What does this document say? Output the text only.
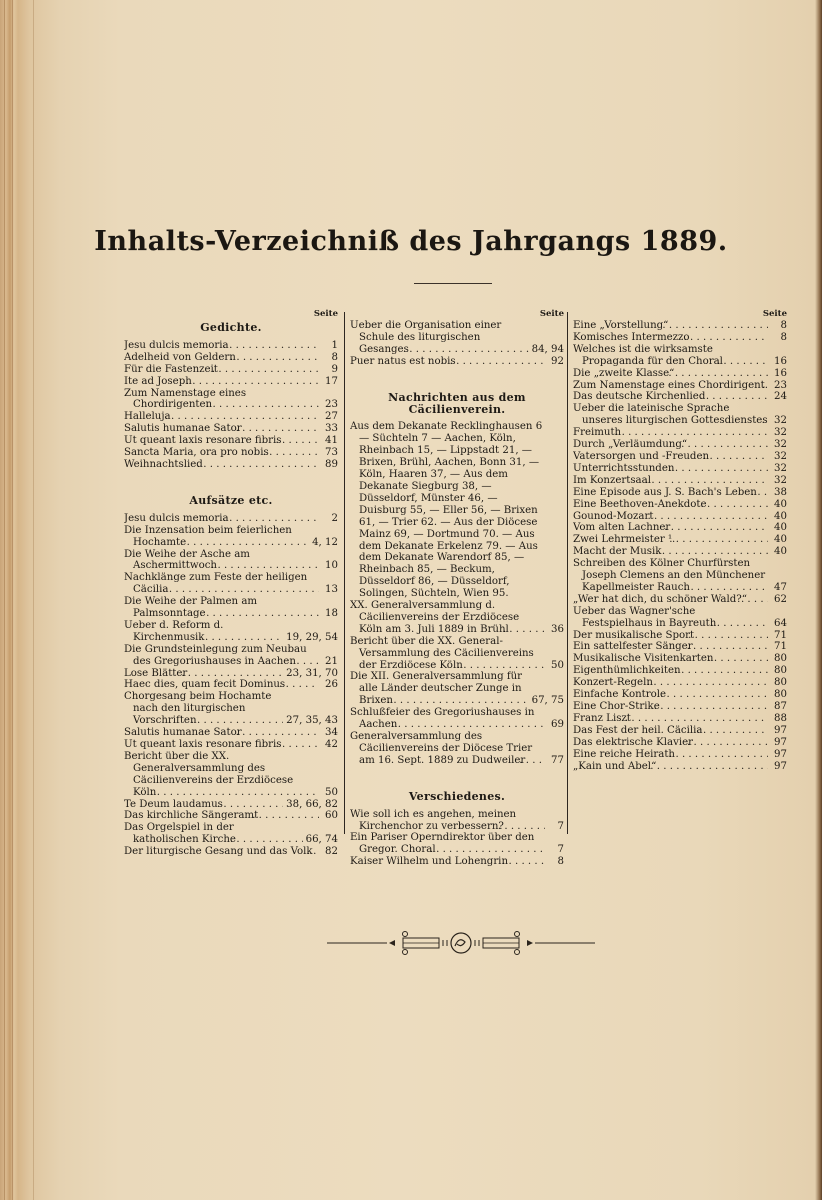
Inhalts-Verzeichniß des Jahrgangs 1889.
Seite
Gedichte.
Jesu dulcis memoria . . .	1
Adelheid von Geldern . . .	8
Für die Fastenzeit . . .	9
Ite ad Joseph . . .	17
Zum Namenstage eines Chordirigenten . . .	23
Halleluja . . .	27
Salutis humanae Sator . . .	33
Ut queant laxis resonare fibris . . .	41
Sancta Maria, ora pro nobis . . .	73
Weihnachtslied . . .	89
Aufsätze etc.
Jesu dulcis memoria . . .	2
Die Inzensation beim feierlichen Hochamte . . .	4, 12
Die Weihe der Asche am Aschermittwoch . . .	10
Nachklänge zum Feste der heiligen Cäcilia . . .	13
Die Weihe der Palmen am Palmsonntage . . .	18
Ueber d. Reform d. Kirchenmusik . . .	19, 29, 54
Die Grundsteinlegung zum Neubau des Gregoriushauses in Aachen . . .	21
Lose Blätter . . .	23, 31, 70
Haec dies, quam fecit Dominus . . .	26
Chorgesang beim Hochamte nach den liturgischen Vorschriften . . .	27, 35, 43
Salutis humanae Sator . . .	34
Ut queant laxis resonare fibris . . .	42
Bericht über die XX. Generalversammlung des Cäcilienvereins der Erzdiöcese Köln . . .	50
Te Deum laudamus . . .	38, 66, 82
Das kirchliche Sängeramt . . .	60
Das Orgelspiel in der katholischen Kirche . . .	66, 74
Der liturgische Gesang und das Volk . . .	82
Seite
Ueber die Organisation einer Schule des liturgischen Gesanges . . .	84, 94
Puer natus est nobis . . .	92
Nachrichten aus dem Cäcilienverein.
Aus dem Dekanate Recklinghausen 6 — Süchteln 7 — Aachen, Köln, Rheinbach 15, — Lippstadt 21, — Brixen, Brühl, Aachen, Bonn 31, — Köln, Haaren 37, — Aus dem Dekanate Siegburg 38, — Düsseldorf, Münster 46, — Duisburg 55, — Eller 56, — Brixen 61, — Trier 62. — Aus der Diöcese Mainz 69, — Dortmund 70. — Aus dem Dekanate Erkelenz 79. — Aus dem Dekanate Warendorf 85, — Rheinbach 85, — Beckum, Düsseldorf 86, — Düsseldorf, Solingen, Süchteln, Wien 95.
XX. Generalversammlung d. Cäcilienvereins der Erzdiöcese Köln am 3. Juli 1889 in Brühl . . .	36
Bericht über die XX. General-Versammlung des Cäcilienvereins der Erzdiöcese Köln . . .	50
Die XII. Generalversammlung für alle Länder deutscher Zunge in Brixen . . .	67, 75
Schlußfeier des Gregoriushauses in Aachen . . .	69
Generalversammlung des Cäcilienvereins der Diöcese Trier am 16. Sept. 1889 zu Dudweiler . . .	77
Verschiedenes.
Wie soll ich es angehen, meinen Kirchenchor zu verbessern? . . .	7
Ein Pariser Operndirektor über den Gregor. Choral . . .	7
Kaiser Wilhelm und Lohengrin . . .	8
Seite
Eine „Vorstellung“ . . .	8
Komisches Intermezzo . . .	8
Welches ist die wirksamste Propaganda für den Choral . . .	16
Die „zweite Klasse“ . . .	16
Zum Namenstage eines Chordirigent. . . . 23
Das deutsche Kirchenlied . . .	24
Ueber die lateinische Sprache unseres liturgischen Gottesdienstes . . . 32
Freimuth . . .	32
Durch „Verläumdung“ . . .	32
Vatersorgen und -Freuden . . .	32
Unterrichtsstunden . . .	32
Im Konzertsaal . . .	32
Eine Episode aus J. S. Bach's Leben . . .	38
Eine Beethoven-Anekdote . . .	40
Gounod-Mozart . . .	40
Vom alten Lachner . . .	40
Zwei Lehrmeister ¹. . . .	40
Macht der Musik . . .	40
Schreiben des Kölner Churfürsten Joseph Clemens an den Münchener Kapellmeister Rauch . . .	47
„Wer hat dich, du schöner Wald?“ . . .	62
Ueber das Wagner'sche Festspielhaus in Bayreuth . . .	64
Der musikalische Sport . . .	71
Ein sattelfester Sänger . . .	71
Musikalische Visitenkarten . . .	80
Eigenthümlichkeiten . . .	80
Konzert-Regeln . . .	80
Einfache Kontrole . . .	80
Eine Chor-Strike . . .	87
Franz Liszt . . .	88
Das Fest der heil. Cäcilia . . .	97
Das elektrische Klavier . . .	97
Eine reiche Heirath . . .	97
„Kain und Abel“ . . .	97
